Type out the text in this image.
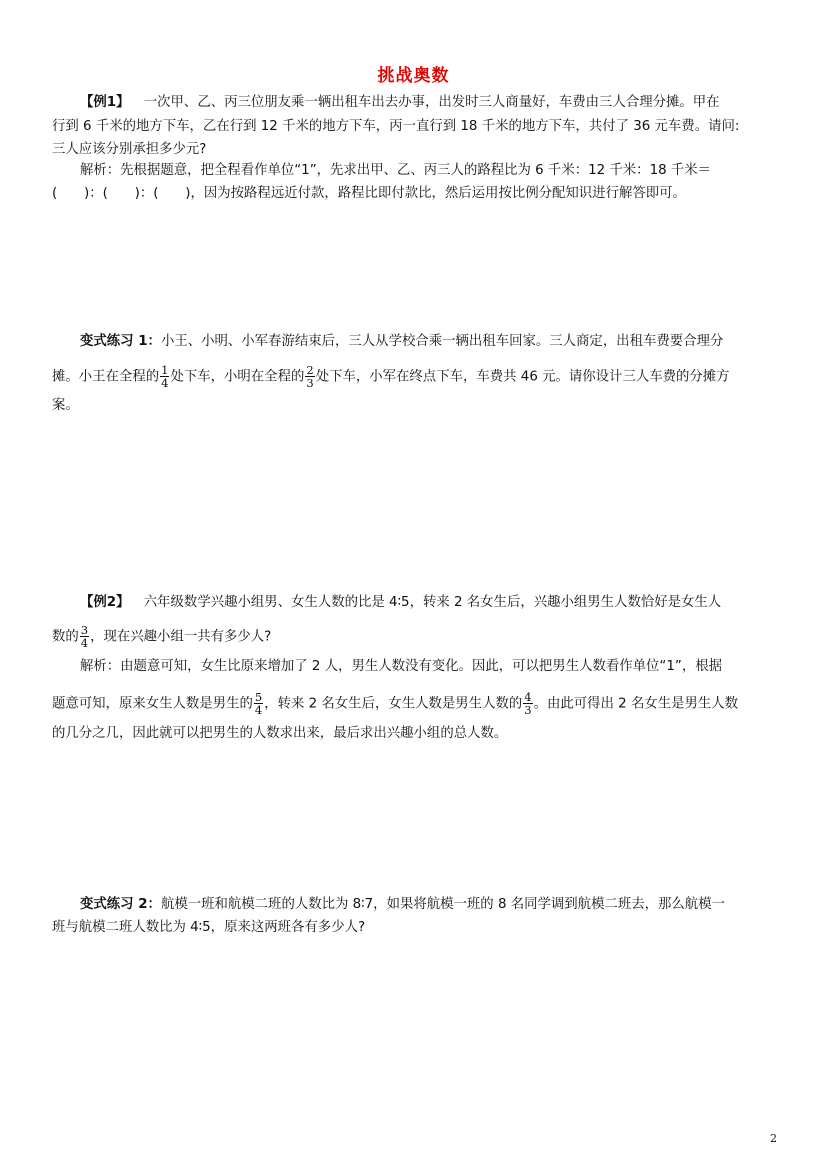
挑战奥数
【例1】 一次甲、乙、丙三位朋友乘一辆出租车出去办事，出发时三人商量好，车费由三人合理分摊。甲在
行到 6 千米的地方下车，乙在行到 12 千米的地方下车，丙一直行到 18 千米的地方下车，共付了 36 元车费。请问:
三人应该分别承担多少元?
解析：先根据题意，把全程看作单位“1”，先求出甲、乙、丙三人的路程比为 6 千米：12 千米：18 千米＝
(　　)：(　　)：(　　)，因为按路程远近付款，路程比即付款比，然后运用按比例分配知识进行解答即可。
变式练习 1：小王、小明、小军春游结束后，三人从学校合乘一辆出租车回家。三人商定，出租车费要合理分
摊。小王在全程的 $\frac{1}{4}$ 处下车，小明在全程的 $\frac{2}{3}$ 处下车，小军在终点下车，车费共 46 元。请你设计三人车费的分摊方
案。
【例2】 六年级数学兴趣小组男、女生人数的比是 4∶5，转来 2 名女生后，兴趣小组男生人数恰好是女生人
数的 $\frac{3}{4}$ ，现在兴趣小组一共有多少人?
解析：由题意可知，女生比原来增加了 2 人，男生人数没有变化。因此，可以把男生人数看作单位“1”，根据
题意可知，原来女生人数是男生的 $\frac{5}{4}$ ，转来 2 名女生后，女生人数是男生人数的 $\frac{4}{3}$ 。由此可得出 2 名女生是男生人数
的几分之几，因此就可以把男生的人数求出来，最后求出兴趣小组的总人数。
变式练习 2：航模一班和航模二班的人数比为 8∶7，如果将航模一班的 8 名同学调到航模二班去，那么航模一
班与航模二班人数比为 4∶5，原来这两班各有多少人?
2
